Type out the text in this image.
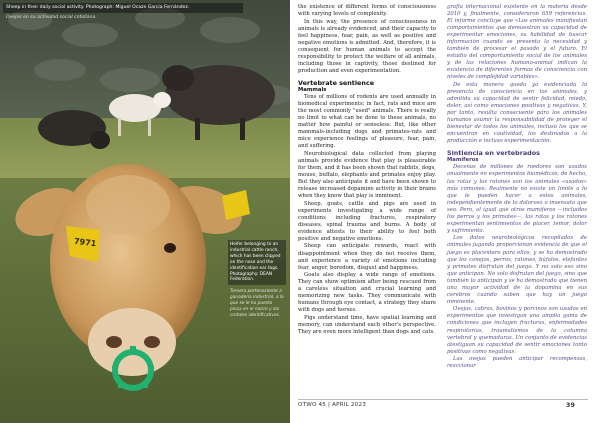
7971
Sheep in their daily social activity. Photograph: Miguel Ocaze García Fernández.
Ovejas en su actividad social cotidiana.
Heifer belonging to an industrial cattle ranch, which has been clipped on the nose and the identification ear tags. Photography: DEAN Federation.
Ternera perteneciente a ganadería industrial, a la que se le ha puesto pinza en el morro y los crotales identificativos.

the existence of different forms of consciousness with varying levels of complexity.

In this way, the presence of consciousness in animals is already evidenced, and their capacity to feel happiness, fear, pain, as well as positive and negative emotions is admitted. And, therefore, it is consequent for human animals to accept the responsibility to protect the welfare of all animals, including those in captivity, those destined for production and even experimentation.

Vertebrate sentience
Mammals

Tens of millions of rodents are used annually in biomedical experiments; in fact, rats and mice are the most commonly "used" animals. There is really no limit to what can be done to these animals, no matter how painful or senseless. But, like other mammals-including dogs and primates-rats and mice experience feelings of pleasure, fear, pain, and suffering.

Neurobiological data collected from playing animals provide evidence that play is pleasurable for them, and it has been shown that rabbits, dogs, mouse, buffalo, elephants and primates enjoy play. But they also anticipate it and have been shown to release increased dopamine activity in their brains when they know that play is imminent.

Sheep, goats, cattle and pigs are used in experiments investigating a wide range of conditions including fractures, respiratory diseases, spinal trauma and burns. A body of evidence attests to their ability to feel both positive and negative emotions.

Sheep can anticipate rewards, react with disappointment when they do not receive them, and experience a variety of emotions including fear, anger, boredom, disgust and happiness.

Goats also display a wide range of emotions. They can show optimism after being rescued from a careless situation and crucial learning and memorizing new tasks. They communicate with humans through eye contact, a strategy they share with dogs and horses.

Pigs understand time, have spatial learning and memory, can understand each other's perspective. They are even more intelligent than dogs and cats.

grafía internacional existente en la materia desde 2010 y, finalmente, consideraron 659 referencias. El informe concluye que «Los animales manifiestan comportamientos que demuestran su capacidad de experimentar emociones, su habilidad de buscar información cuando se presenta la necesidad y también de procesar el pasado y el futuro. El estudio del comportamiento social de los animales y de las relaciones humano-animal indican la existencia de diferentes formas de consciencia con niveles de complejidad variables».

De esta manera queda ya evidenciada la presencia de consciencia en los animales, y admitida su capacidad de sentir felicidad, miedo, dolor, así como emociones positivas y negativas. Y, por tanto, resulta consecuente para los animales humanos asumir la responsabilidad de proteger el bienestar de todos los animales, incluso los que se encuentran en cautividad, los destinados a la producción e incluso experimentación.

Sintiencia en vertebrados
Mamíferos

Decenas de millones de roedores son usados anualmente en experimentos biomédicos; de hecho, las ratas y los ratones son los animales «usados» más comunes. Realmente no existe un límite a lo que le pueden hacer a estos animales, independientemente de lo doloroso o insensato que sea. Pero, al igual que otros mamíferos —incluidos los perros y los primates—, las ratas y los ratones experimentan sentimientos de placer, temor, dolor y sufrimiento.

Los datos neurobiológicos recopilados de animales jugando proporcionan evidencia de que el juego es placentero para ellos, y se ha demostrado que los conejos, perros, ratones, búfalos, elefantes y primates disfrutan del juego. Y no solo eso sino que anticipan. No solo disfrutan del juego, sino que también lo anticipan y se ha demostrado que tienen una mayor actividad de la dopamina en sus cerebros cuando saben que hay un juego inminente.

Ovejas, cabras, bovinos y porcinos son usados en experimentos que investigan una amplia gama de condiciones que incluyen fracturas, enfermedades respiratorias, traumatismos de la columna vertebral y quemaduras. Un conjunto de evidencias atestiguan su capacidad de sentir emociones tanto positivas como negativas.

Las ovejas pueden anticipar recompensas, reaccionar

OTWO 45 | APRIL 2023	39
